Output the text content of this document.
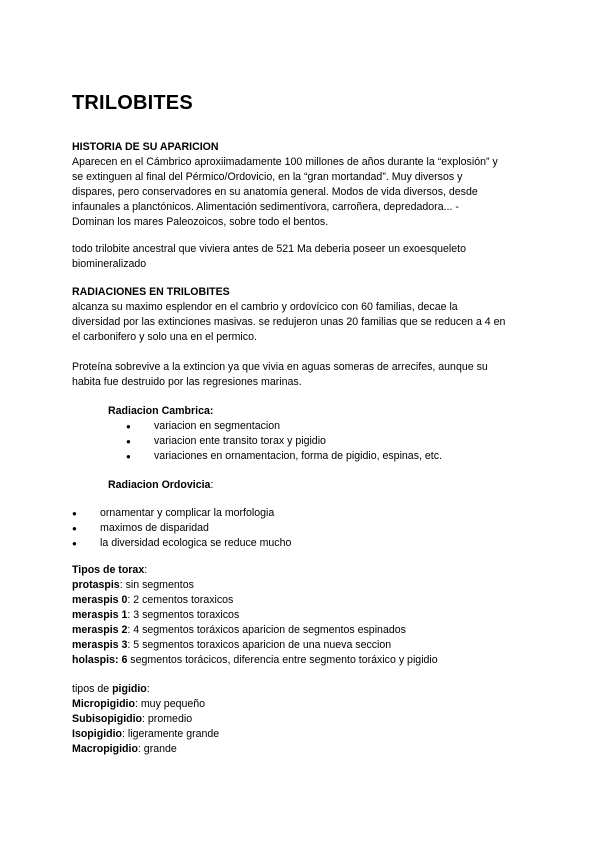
TRILOBITES

HISTORIA DE SU APARICION

Aparecen en el Cámbrico aproxiimadamente 100 millones de años durante la “explosión” y

se extinguen al final del Pérmico/Ordovicio, en la “gran mortandad”. Muy diversos y

dispares, pero conservadores en su anatomía general. Modos de vida diversos, desde

infaunales a planctónicos. Alimentación sedimentívora, carroñera, depredadora... -

Dominan los mares Paleozoicos, sobre todo el bentos.

todo trilobite ancestral que viviera antes de 521 Ma deberia poseer un exoesqueleto

biomineralizado

RADIACIONES EN TRILOBITES

alcanza su maximo esplendor en el cambrio y ordovícico con 60 familias, decae la

diversidad por las extinciones masivas. se redujeron unas 20 familias que se reducen a 4 en

el carbonifero y solo una en el permico.

Proteína sobrevive a la extincion ya que vivia en aguas someras de arrecifes, aunque su

habita fue destruido por las regresiones marinas.

Radiacion Cambrica:

● variacion en segmentacion
● variacion ente transito torax y pigidio
● variaciones en ornamentacion, forma de pigidio, espinas, etc.

Radiacion Ordovicia:

● ornamentar y complicar la morfologia
● maximos de disparidad
● la diversidad ecologica se reduce mucho

Tipos de torax:

protaspis: sin segmentos

meraspis 0: 2 cementos toraxicos

meraspis 1: 3 segmentos toraxicos

meraspis 2: 4 segmentos toráxicos aparicion de segmentos espinados

meraspis 3: 5 segmentos toraxicos aparicion de una nueva seccion

holaspis: 6 segmentos torácicos, diferencia entre segmento toráxico y pigidio

tipos de pigidio:

Micropigidio: muy pequeño

Subisopigidio: promedio

Isopigidio: ligeramente grande

Macropigidio: grande
